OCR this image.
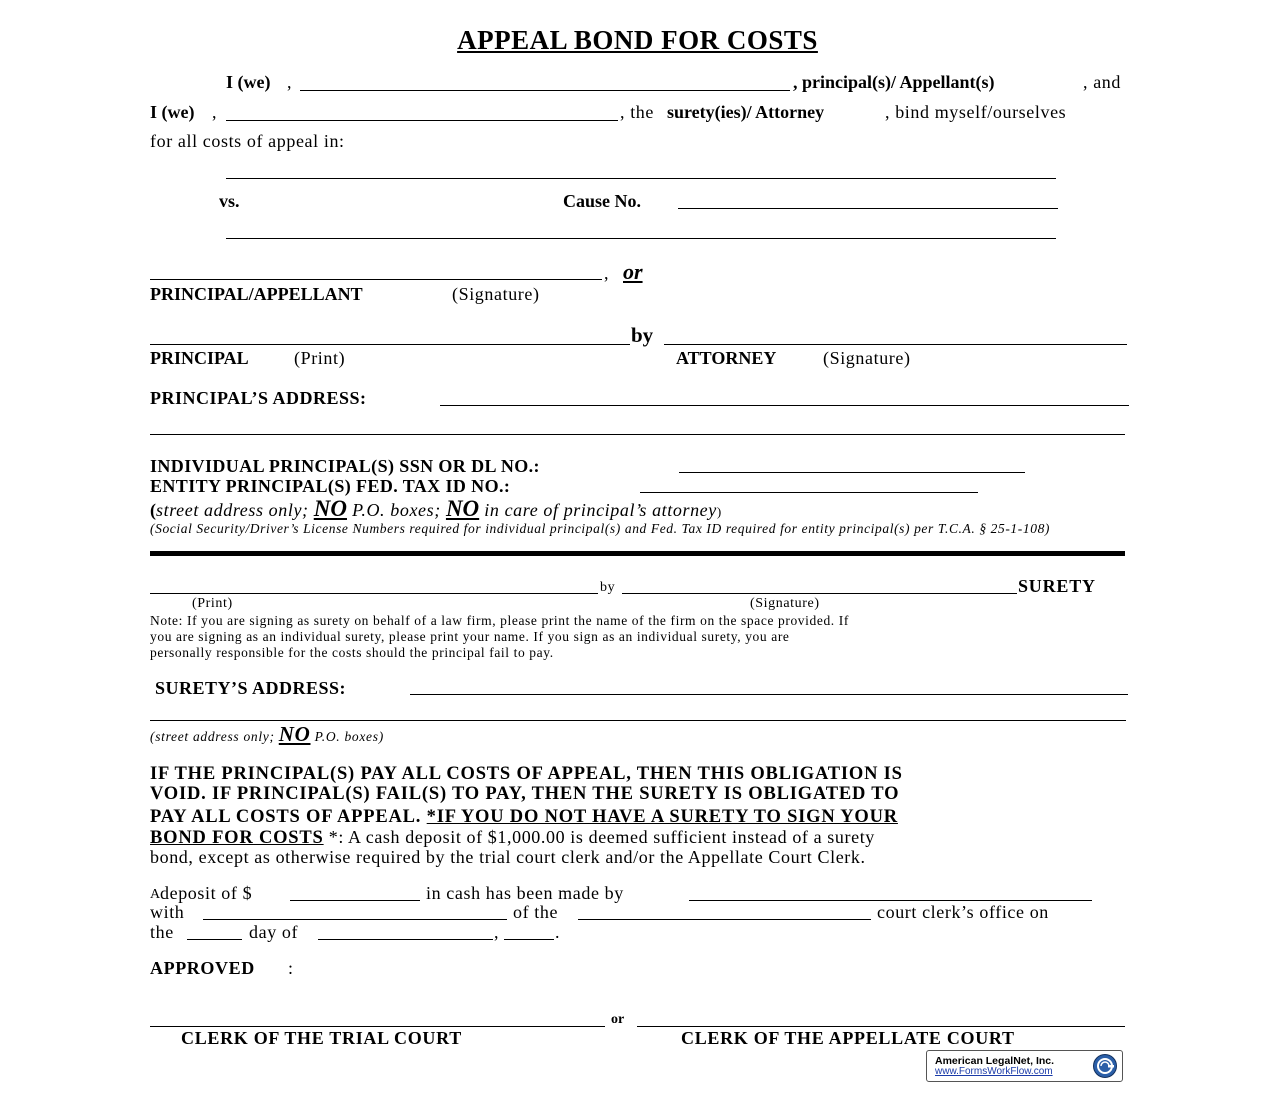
APPEAL BOND FOR COSTS
I (we) ,	, principal(s)/ Appellant(s)	, and
I (we) ,	, the surety(ies)/ Attorney	, bind myself/ourselves
for all costs of appeal in:
vs.	Cause No.
, or
PRINCIPAL/APPELLANT	(Signature)
by
PRINCIPAL	(Print)	ATTORNEY	(Signature)
PRINCIPAL’S ADDRESS:
INDIVIDUAL PRINCIPAL(S) SSN OR DL NO.:
ENTITY PRINCIPAL(S) FED. TAX ID NO.:
(street address only; NO P.O. boxes; NO in care of principal’s attorney)
(Social Security/Driver’s License Numbers required for individual principal(s) and Fed. Tax ID required for entity principal(s) per T.C.A. § 25-1-108)
by	SURETY
(Print)	(Signature)
Note: If you are signing as surety on behalf of a law firm, please print the name of the firm on the space provided. If
you are signing as an individual surety, please print your name. If you sign as an individual surety, you are
personally responsible for the costs should the principal fail to pay.
SURETY’S ADDRESS:
(street address only; NO P.O. boxes)
IF THE PRINCIPAL(S) PAY ALL COSTS OF APPEAL, THEN THIS OBLIGATION IS
VOID. IF PRINCIPAL(S) FAIL(S) TO PAY, THEN THE SURETY IS OBLIGATED TO
PAY ALL COSTS OF APPEAL. *IF YOU DO NOT HAVE A SURETY TO SIGN YOUR
BOND FOR COSTS *: A cash deposit of $1,000.00 is deemed sufficient instead of a surety
bond, except as otherwise required by the trial court clerk and/or the Appellate Court Clerk.
A deposit of $	in cash has been made by
with	of the	court clerk’s office on
the	day of	,	.
APPROVED :
or
CLERK OF THE TRIAL COURT	CLERK OF THE APPELLATE COURT
American LegalNet, Inc.
www.FormsWorkFlow.com
